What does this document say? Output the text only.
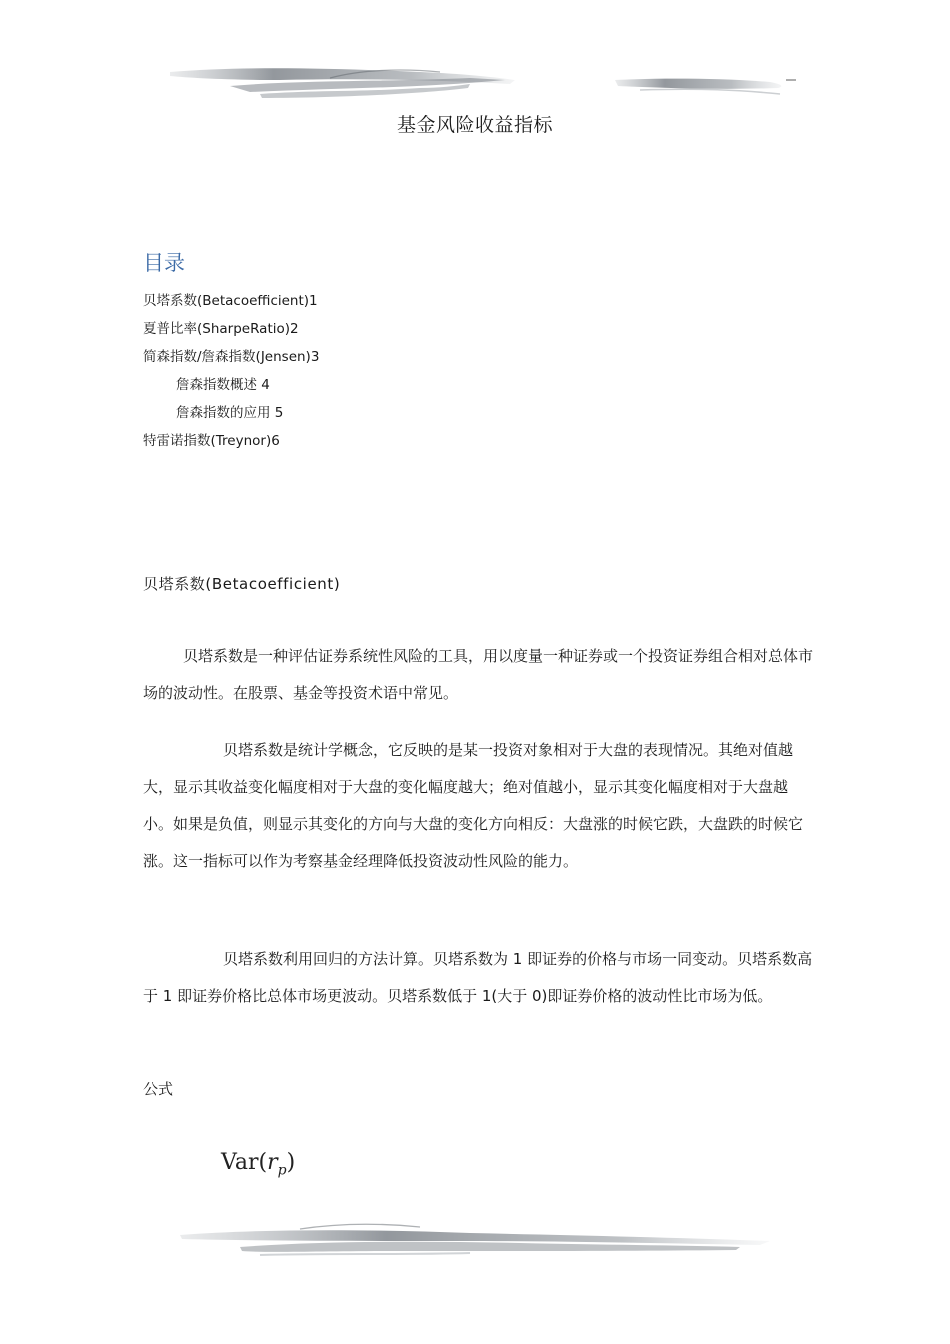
基金风险收益指标
目录
贝塔系数(Betacoefficient)1
夏普比率(SharpeRatio)2
简森指数/詹森指数(Jensen)3
詹森指数概述 4
詹森指数的应用 5
特雷诺指数(Treynor)6
贝塔系数(Betacoefficient)

贝塔系数是一种评估证券系统性风险的工具，用以度量一种证券或一个投资证券组合相对总体市场的波动性。在股票、基金等投资术语中常见。

贝塔系数是统计学概念，它反映的是某一投资对象相对于大盘的表现情况。其绝对值越大，显示其收益变化幅度相对于大盘的变化幅度越大；绝对值越小，显示其变化幅度相对于大盘越小。如果是负值，则显示其变化的方向与大盘的变化方向相反：大盘涨的时候它跌，大盘跌的时候它涨。这一指标可以作为考察基金经理降低投资波动性风险的能力。

贝塔系数利用回归的方法计算。贝塔系数为 1 即证券的价格与市场一同变动。贝塔系数高于 1 即证券价格比总体市场更波动。贝塔系数低于 1(大于 0)即证券价格的波动性比市场为低。

公式
$Var(r_p)$
